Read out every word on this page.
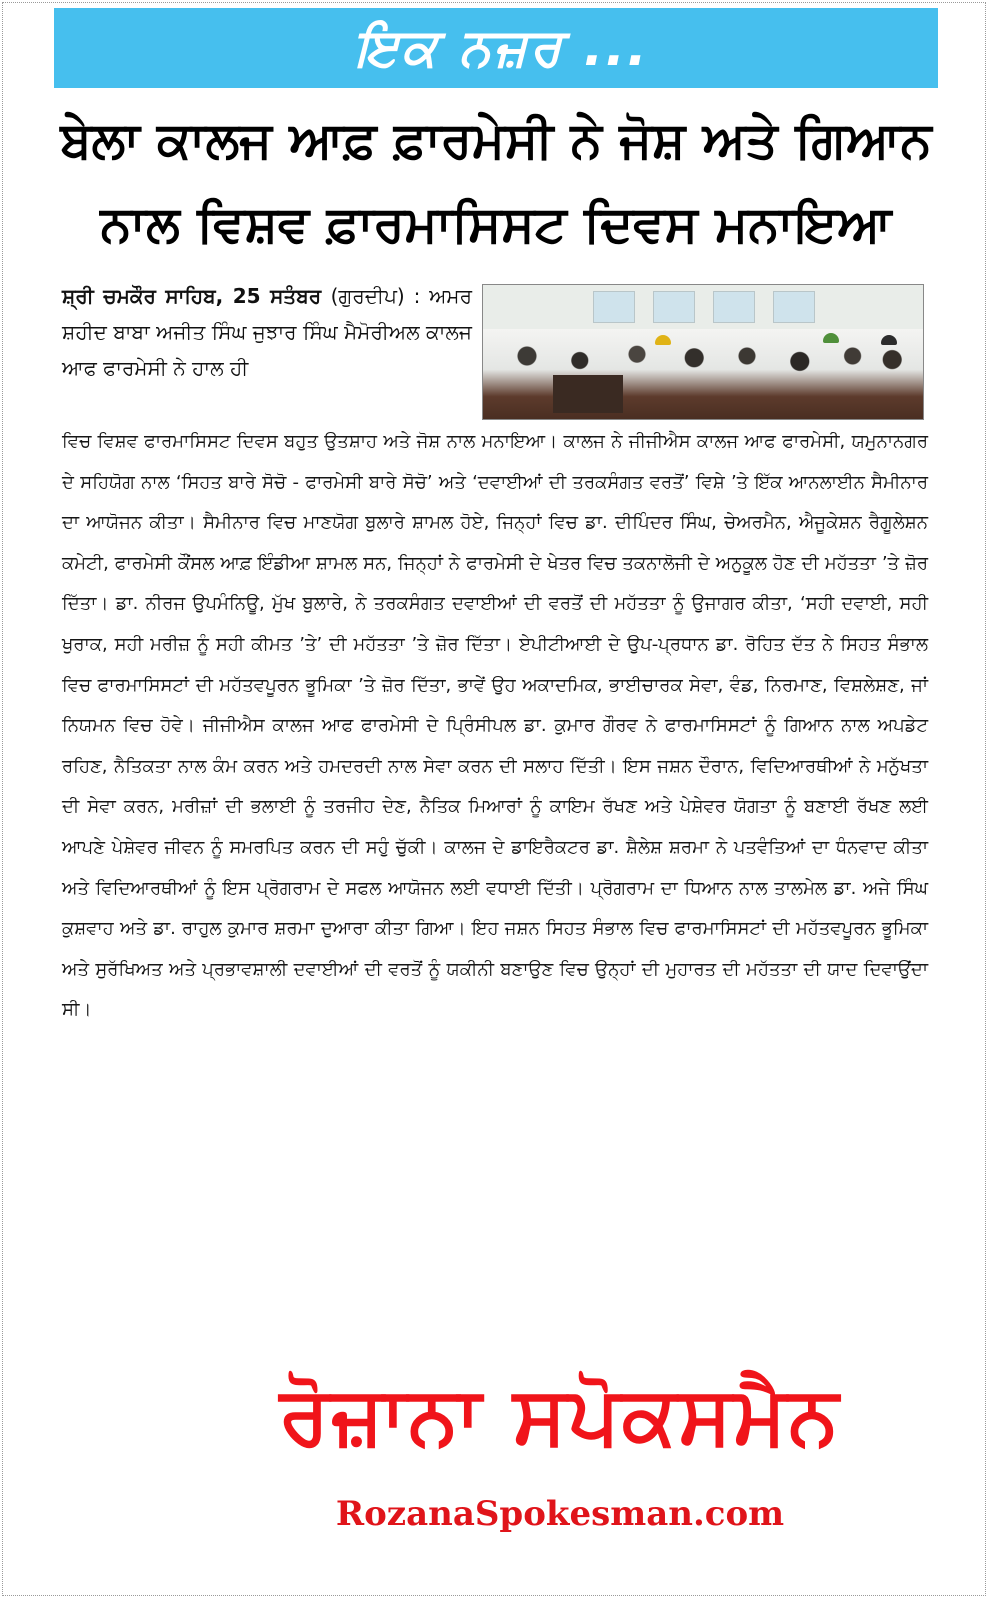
ਇਕ ਨਜ਼ਰ ...
ਬੇਲਾ ਕਾਲਜ ਆਫ਼ ਫ਼ਾਰਮੇਸੀ ਨੇ ਜੋਸ਼ ਅਤੇ ਗਿਆਨ
ਨਾਲ ਵਿਸ਼ਵ ਫ਼ਾਰਮਾਸਿਸਟ ਦਿਵਸ ਮਨਾਇਆ
ਸ਼੍ਰੀ ਚਮਕੌਰ ਸਾਹਿਬ, 25 ਸਤੰਬਰ (ਗੁਰਦੀਪ) : ਅਮਰ ਸ਼ਹੀਦ ਬਾਬਾ ਅਜੀਤ ਸਿੰਘ ਜੁਝਾਰ ਸਿੰਘ ਮੈਮੋਰੀਅਲ ਕਾਲਜ ਆਫ ਫਾਰਮੇਸੀ ਨੇ ਹਾਲ ਹੀ
ਵਿਚ ਵਿਸ਼ਵ ਫਾਰਮਾਸਿਸਟ ਦਿਵਸ ਬਹੁਤ ਉਤਸ਼ਾਹ ਅਤੇ ਜੋਸ਼ ਨਾਲ ਮਨਾਇਆ। ਕਾਲਜ ਨੇ ਜੀਜੀਐਸ ਕਾਲਜ ਆਫ ਫਾਰਮੇਸੀ, ਯਮੁਨਾਨਗਰ ਦੇ ਸਹਿਯੋਗ ਨਾਲ ‘ਸਿਹਤ ਬਾਰੇ ਸੋਚੋ - ਫਾਰਮੇਸੀ ਬਾਰੇ ਸੋਚੋ’ ਅਤੇ ‘ਦਵਾਈਆਂ ਦੀ ਤਰਕਸੰਗਤ ਵਰਤੋਂ’ ਵਿਸ਼ੇ ’ਤੇ ਇੱਕ ਆਨਲਾਈਨ ਸੈਮੀਨਾਰ ਦਾ ਆਯੋਜਨ ਕੀਤਾ। ਸੈਮੀਨਾਰ ਵਿਚ ਮਾਣਯੋਗ ਬੁਲਾਰੇ ਸ਼ਾਮਲ ਹੋਏ, ਜਿਨ੍ਹਾਂ ਵਿਚ ਡਾ. ਦੀਪਿੰਦਰ ਸਿੰਘ, ਚੇਅਰਮੈਨ, ਐਜੂਕੇਸ਼ਨ ਰੈਗੂਲੇਸ਼ਨ ਕਮੇਟੀ, ਫਾਰਮੇਸੀ ਕੌਂਸਲ ਆਫ਼ ਇੰਡੀਆ ਸ਼ਾਮਲ ਸਨ, ਜਿਨ੍ਹਾਂ ਨੇ ਫਾਰਮੇਸੀ ਦੇ ਖੇਤਰ ਵਿਚ ਤਕਨਾਲੋਜੀ ਦੇ ਅਨੁਕੂਲ ਹੋਣ ਦੀ ਮਹੱਤਤਾ ’ਤੇ ਜ਼ੋਰ ਦਿੱਤਾ। ਡਾ. ਨੀਰਜ ਉਪਮੰਨਿਊ, ਮੁੱਖ ਬੁਲਾਰੇ, ਨੇ ਤਰਕਸੰਗਤ ਦਵਾਈਆਂ ਦੀ ਵਰਤੋਂ ਦੀ ਮਹੱਤਤਾ ਨੂੰ ਉਜਾਗਰ ਕੀਤਾ, ‘ਸਹੀ ਦਵਾਈ, ਸਹੀ ਖੁਰਾਕ, ਸਹੀ ਮਰੀਜ਼ ਨੂੰ ਸਹੀ ਕੀਮਤ ’ਤੇ’ ਦੀ ਮਹੱਤਤਾ ’ਤੇ ਜ਼ੋਰ ਦਿੱਤਾ। ਏਪੀਟੀਆਈ ਦੇ ਉਪ-ਪ੍ਰਧਾਨ ਡਾ. ਰੋਹਿਤ ਦੱਤ ਨੇ ਸਿਹਤ ਸੰਭਾਲ ਵਿਚ ਫਾਰਮਾਸਿਸਟਾਂ ਦੀ ਮਹੱਤਵਪੂਰਨ ਭੂਮਿਕਾ ’ਤੇ ਜ਼ੋਰ ਦਿੱਤਾ, ਭਾਵੇਂ ਉਹ ਅਕਾਦਮਿਕ, ਭਾਈਚਾਰਕ ਸੇਵਾ, ਵੰਡ, ਨਿਰਮਾਣ, ਵਿਸ਼ਲੇਸ਼ਣ, ਜਾਂ ਨਿਯਮਨ ਵਿਚ ਹੋਵੇ। ਜੀਜੀਐਸ ਕਾਲਜ ਆਫ ਫਾਰਮੇਸੀ ਦੇ ਪ੍ਰਿੰਸੀਪਲ ਡਾ. ਕੁਮਾਰ ਗੌਰਵ ਨੇ ਫਾਰਮਾਸਿਸਟਾਂ ਨੂੰ ਗਿਆਨ ਨਾਲ ਅਪਡੇਟ ਰਹਿਣ, ਨੈਤਿਕਤਾ ਨਾਲ ਕੰਮ ਕਰਨ ਅਤੇ ਹਮਦਰਦੀ ਨਾਲ ਸੇਵਾ ਕਰਨ ਦੀ ਸਲਾਹ ਦਿੱਤੀ। ਇਸ ਜਸ਼ਨ ਦੌਰਾਨ, ਵਿਦਿਆਰਥੀਆਂ ਨੇ ਮਨੁੱਖਤਾ ਦੀ ਸੇਵਾ ਕਰਨ, ਮਰੀਜ਼ਾਂ ਦੀ ਭਲਾਈ ਨੂੰ ਤਰਜੀਹ ਦੇਣ, ਨੈਤਿਕ ਮਿਆਰਾਂ ਨੂੰ ਕਾਇਮ ਰੱਖਣ ਅਤੇ ਪੇਸ਼ੇਵਰ ਯੋਗਤਾ ਨੂੰ ਬਣਾਈ ਰੱਖਣ ਲਈ ਆਪਣੇ ਪੇਸ਼ੇਵਰ ਜੀਵਨ ਨੂੰ ਸਮਰਪਿਤ ਕਰਨ ਦੀ ਸਹੁੰ ਚੁੱਕੀ। ਕਾਲਜ ਦੇ ਡਾਇਰੈਕਟਰ ਡਾ. ਸ਼ੈਲੇਸ਼ ਸ਼ਰਮਾ ਨੇ ਪਤਵੰਤਿਆਂ ਦਾ ਧੰਨਵਾਦ ਕੀਤਾ ਅਤੇ ਵਿਦਿਆਰਥੀਆਂ ਨੂੰ ਇਸ ਪ੍ਰੋਗਰਾਮ ਦੇ ਸਫਲ ਆਯੋਜਨ ਲਈ ਵਧਾਈ ਦਿੱਤੀ। ਪ੍ਰੋਗਰਾਮ ਦਾ ਧਿਆਨ ਨਾਲ ਤਾਲਮੇਲ ਡਾ. ਅਜੇ ਸਿੰਘ ਕੁਸ਼ਵਾਹ ਅਤੇ ਡਾ. ਰਾਹੁਲ ਕੁਮਾਰ ਸ਼ਰਮਾ ਦੁਆਰਾ ਕੀਤਾ ਗਿਆ। ਇਹ ਜਸ਼ਨ ਸਿਹਤ ਸੰਭਾਲ ਵਿਚ ਫਾਰਮਾਸਿਸਟਾਂ ਦੀ ਮਹੱਤਵਪੂਰਨ ਭੂਮਿਕਾ ਅਤੇ ਸੁਰੱਖਿਅਤ ਅਤੇ ਪ੍ਰਭਾਵਸ਼ਾਲੀ ਦਵਾਈਆਂ ਦੀ ਵਰਤੋਂ ਨੂੰ ਯਕੀਨੀ ਬਣਾਉਣ ਵਿਚ ਉਨ੍ਹਾਂ ਦੀ ਮੁਹਾਰਤ ਦੀ ਮਹੱਤਤਾ ਦੀ ਯਾਦ ਦਿਵਾਉਂਦਾ ਸੀ।
ਰੋਜ਼ਾਨਾ ਸਪੋਕਸਮੈਨ
RozanaSpokesman.com
